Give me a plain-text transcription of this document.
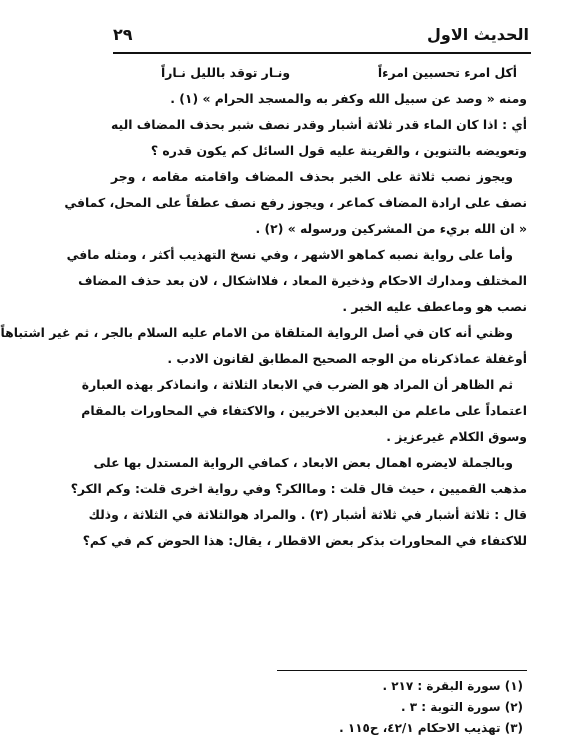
الحديث الاول
٢٩
أكل امرء تحسبين امرءاً
ونـار توقد بالليل نـاراً
ومنه « وصد عن سبيل الله وكفر به والمسجد الحرام » (١) .
أي : اذا كان الماء قدر ثلاثة أشبار وقدر نصف شبر بحذف المضاف اليه
وتعويضه بالتنوين ، والقرينة عليه قول السائل كم يكون قدره ؟
ويجوز نصب ثلاثة على الخبر بحذف المضاف واقامته مقامه ، وجر
نصف على ارادة المضاف كماعر ، ويجوز رفع نصف عطفاً على المحل، كمافي
« ان الله بريء من المشركين ورسوله » (٢) .
وأما على رواية نصبه كماهو الاشهر ، وفي نسخ التهذيب أكثر ، ومثله مافي
المختلف ومدارك الاحكام وذخيرة المعاد ، فلااشكال ، لان بعد حذف المضاف
نصب هو وماعطف عليه الخبر .
وظني أنه كان في أصل الرواية المتلقاة من الامام عليه السلام بالجر ، ثم غير اشتباهاً
أوغفلة عماذكرناه من الوجه الصحيح المطابق لقانون الادب .
ثم الظاهر أن المراد هو الضرب في الابعاد الثلاثة ، وانماذكر بهذه العبارة
اعتماداً على ماعلم من البعدين الاخريين ، والاكتفاء في المحاورات بالمقام
وسوق الكلام غيرعزيز .
وبالجملة لايضره اهمال بعض الابعاد ، كمافي الرواية المستدل بها على
مذهب القميين ، حيث قال قلت : وماالكر؟ وفي رواية اخرى قلت: وكم الكر؟
قال : ثلاثة أشبار في ثلاثة أشبار (٣) . والمراد هوالثلاثة في الثلاثة ، وذلك
للاكتفاء في المحاورات بذكر بعض الاقطار ، يقال: هذا الحوض كم في كم؟
(١) سورة البقرة : ٢١٧ .
(٢) سورة التوبة : ٣ .
(٣) تهذيب الاحكام ٤٢/١، ح١١٥ .
